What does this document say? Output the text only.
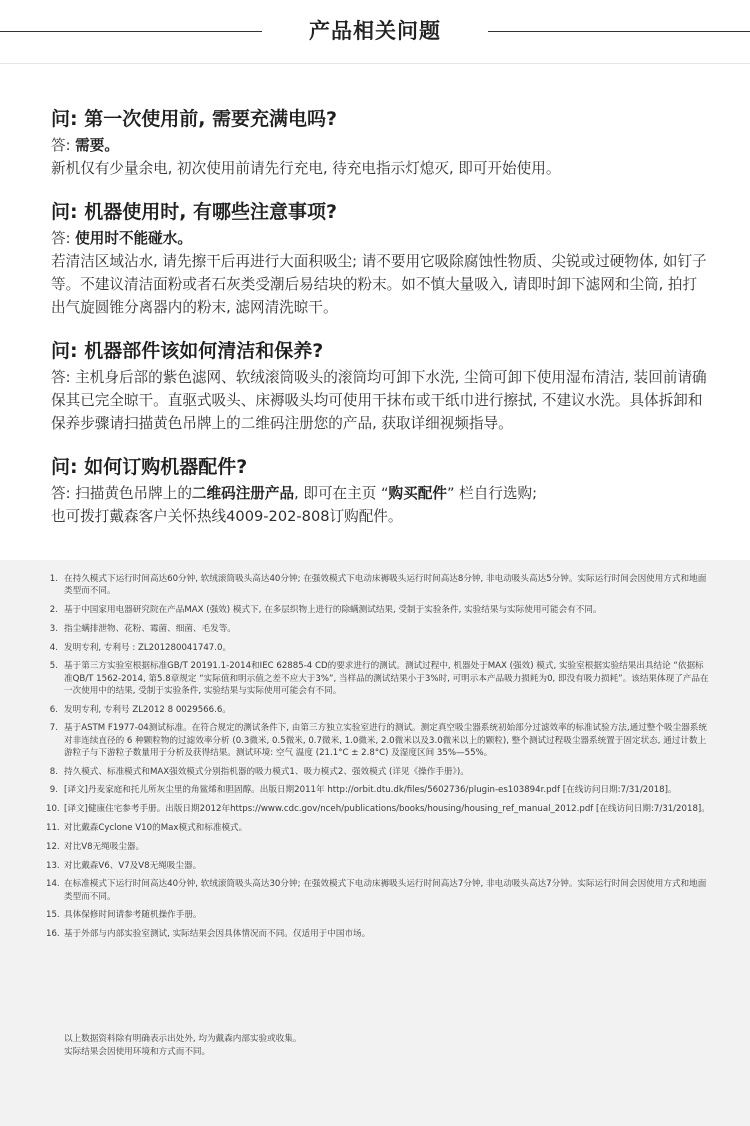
产品相关问题
问: 第一次使用前, 需要充满电吗?

答: 需要。

新机仅有少量余电, 初次使用前请先行充电, 待充电指示灯熄灭, 即可开始使用。

问: 机器使用时, 有哪些注意事项?

答: 使用时不能碰水。

若清洁区域沾水, 请先擦干后再进行大面积吸尘; 请不要用它吸除腐蚀性物质、尖锐或过硬物体, 如钉子等。不建议清洁面粉或者石灰类受潮后易结块的粉末。如不慎大量吸入, 请即时卸下滤网和尘筒, 拍打出气旋圆锥分离器内的粉末, 滤网清洗晾干。

问: 机器部件该如何清洁和保养?

答: 主机身后部的紫色滤网、软绒滚筒吸头的滚筒均可卸下水洗, 尘筒可卸下使用湿布清洁, 装回前请确保其已完全晾干。直驱式吸头、床褥吸头均可使用干抹布或干纸巾进行擦拭, 不建议水洗。具体拆卸和保养步骤请扫描黄色吊牌上的二维码注册您的产品, 获取详细视频指导。

问: 如何订购机器配件?

答: 扫描黄色吊牌上的二维码注册产品, 即可在主页 “购买配件” 栏自行选购;

也可拨打戴森客户关怀热线4009-202-808订购配件。

1. 在持久模式下运行时间高达60分钟, 软绒滚筒吸头高达40分钟; 在强效模式下电动床褥吸头运行时间高达8分钟, 非电动吸头高达5分钟。实际运行时间会因使用方式和地面类型而不同。
2. 基于中国家用电器研究院在产品MAX (强效) 模式下, 在多层织物上进行的除螨测试结果, 受制于实验条件, 实验结果与实际使用可能会有不同。
3. 指尘螨排泄物、花粉、霉菌、细菌、毛发等。
4. 发明专利, 专利号 : ZL201280041747.0。
5. 基于第三方实验室根据标准GB/T 20191.1-2014和IEC 62885-4 CD的要求进行的测试。测试过程中, 机器处于MAX (强效) 模式, 实验室根据实验结果出具结论 “依据标准QB/T 1562-2014, 第5.8章规定 “实际值和明示值之差不应大于3%”, 当样品的测试结果小于3%时, 可明示本产品吸力损耗为0, 即没有吸力损耗”。该结果体现了产品在一次使用中的结果, 受制于实验条件, 实验结果与实际使用可能会有不同。
6. 发明专利, 专利号 ZL2012 8 0029566.6。
7. 基于ASTM F1977-04测试标准。在符合规定的测试条件下, 由第三方独立实验室进行的测试。测定真空吸尘器系统初始部分过滤效率的标准试验方法,通过整个吸尘器系统对非连续直径的 6 种颗粒物的过滤效率分析 (0.3微米, 0.5微米, 0.7微米, 1.0微米, 2.0微米以及3.0微米以上的颗粒), 整个测试过程吸尘器系统置于固定状态, 通过计数上游粒子与下游粒子数量用于分析及获得结果。测试环境: 空气 温度 (21.1°C ± 2.8°C) 及湿度区间 35%—55%。
8. 持久模式、标准模式和MAX强效模式分别指机器的吸力模式1、吸力模式2、强效模式 (详见《操作手册》)。
9. [译文]丹麦家庭和托儿所灰尘里的角鲨烯和胆固醇。出版日期2011年 http://orbit.dtu.dk/files/5602736/plugin-es103894r.pdf [在线访问日期:7/31/2018]。
10. [译文]健康住宅参考手册。出版日期2012年https://www.cdc.gov/nceh/publications/books/housing/housing_ref_manual_2012.pdf [在线访问日期:7/31/2018]。
11. 对比戴森Cyclone V10的Max模式和标准模式。
12. 对比V8无绳吸尘器。
13. 对比戴森V6、V7及V8无绳吸尘器。
14. 在标准模式下运行时间高达40分钟, 软绒滚筒吸头高达30分钟; 在强效模式下电动床褥吸头运行时间高达7分钟, 非电动吸头高达7分钟。实际运行时间会因使用方式和地面类型而不同。
15. 具体保修时间请参考随机操作手册。
16. 基于外部与内部实验室测试, 实际结果会因具体情况而不同。仅适用于中国市场。
以上数据资料除有明确表示出处外, 均为戴森内部实验或收集。
实际结果会因使用环境和方式而不同。
